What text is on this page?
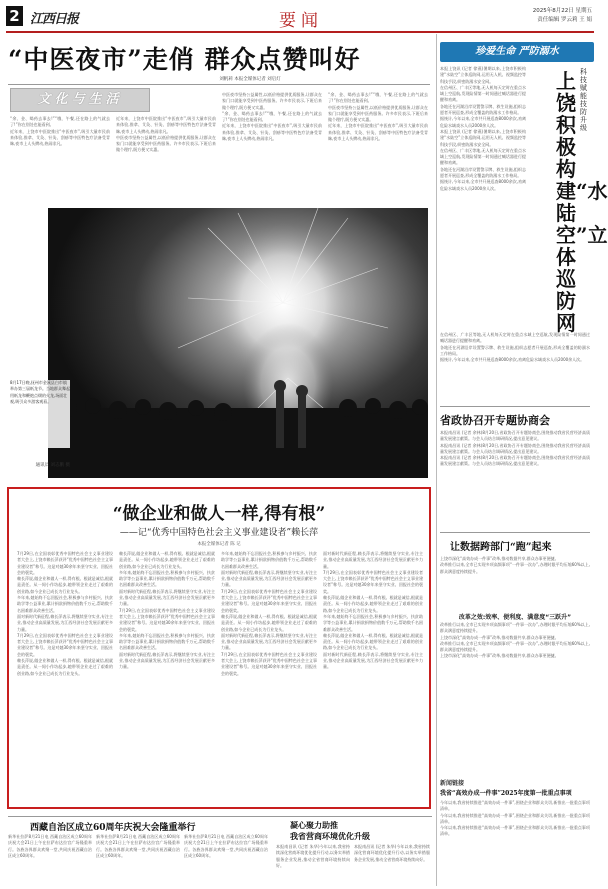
2 江西日报	要闻	2025年8月22日 星期五
责任编辑 罗云莉 王 娟
“中医夜市”走俏 群众点赞叫好
刘帆莉 本报全媒体记者 刘启灯
文化与生活

“余、金、喝药去事去!”“哦，午餐,还在路上的气就去了!”你在别处也能看到。

近年来，上饶市中医院推出“中医夜市”,吸引大量市民前来体验,推拿、艾灸、针灸、刮痧等中医特色疗法备受青睐,夜市上人头攒动,热闹非凡。

近年来，上饶市中医院推出“中医夜市”,吸引大量市民前来体验,推拿、艾灸、针灸、刮痧等中医特色疗法备受青睐,夜市上人头攒动,热闹非凡。

中医夜市坚持公益属性,以低价格提供优质服务,让群众在家门口就能享受到中医药服务。许多市民表示,下班后来做个理疗,既方便又实惠。

中医夜市坚持公益属性,以低价格提供优质服务,让群众在家门口就能享受到中医药服务。许多市民表示,下班后来做个理疗,既方便又实惠。

“余、金、喝药去事去!”“哦，午餐,还在路上的气就去了!”你在别处也能看到。

近年来，上饶市中医院推出“中医夜市”,吸引大量市民前来体验,推拿、艾灸、针灸、刮痧等中医特色疗法备受青睐,夜市上人头攒动,热闹非凡。

“余、金、喝药去事去!”“哦，午餐,还在路上的气就去了!”你在别处也能看到。

中医夜市坚持公益属性,以低价格提供优质服务,让群众在家门口就能享受到中医药服务。许多市民表示,下班后来做个理疗,既方便又实惠。

近年来，上饶市中医院推出“中医夜市”,吸引大量市民前来体验,推拿、艾灸、针灸、刮痧等中医特色疗法备受青睐,夜市上人头攒动,热闹非凡。

8月17日晚,抚州市金溪县白市镇举办第三届纸龙节。当地群众舞起用纸龙和鞭炮点缀的火龙,场面壮观,吸引众多游客观看。
通讯员 刘志鹏 摄
“做企业和做人一样,得有根”
——记“优秀中国特色社会主义事业建设者”赖长萍
本报全媒体记者 陈 记

7月29日,在全国表彰优秀中国特色社会主义事业建设者大会上,上饶市赖长萍获评“优秀中国特色社会主义事业建设者”称号。这是对她30余年来坚守实业、回报社会的褒奖。

赖长萍说,做企业和做人一样,得有根。根就是诚信,根就是责任。从一间小作坊起步,她带领企业走过了艰难的创业路,如今企业已成长为行业龙头。

多年来,她始终不忘回报社会,积极参与乡村振兴、扶贫助学等公益事业,累计捐款捐物价值数千万元,帮助数千名困难群众改善生活。

面对新时代新征程,赖长萍表示,将继续坚守实业,专注主业,推动企业高质量发展,为江西经济社会发展贡献更多力量。

7月29日,在全国表彰优秀中国特色社会主义事业建设者大会上,上饶市赖长萍获评“优秀中国特色社会主义事业建设者”称号。这是对她30余年来坚守实业、回报社会的褒奖。

赖长萍说,做企业和做人一样,得有根。根就是诚信,根就是责任。从一间小作坊起步,她带领企业走过了艰难的创业路,如今企业已成长为行业龙头。

赖长萍说,做企业和做人一样,得有根。根就是诚信,根就是责任。从一间小作坊起步,她带领企业走过了艰难的创业路,如今企业已成长为行业龙头。

多年来,她始终不忘回报社会,积极参与乡村振兴、扶贫助学等公益事业,累计捐款捐物价值数千万元,帮助数千名困难群众改善生活。

面对新时代新征程,赖长萍表示,将继续坚守实业,专注主业,推动企业高质量发展,为江西经济社会发展贡献更多力量。

7月29日,在全国表彰优秀中国特色社会主义事业建设者大会上,上饶市赖长萍获评“优秀中国特色社会主义事业建设者”称号。这是对她30余年来坚守实业、回报社会的褒奖。

多年来,她始终不忘回报社会,积极参与乡村振兴、扶贫助学等公益事业,累计捐款捐物价值数千万元,帮助数千名困难群众改善生活。

面对新时代新征程,赖长萍表示,将继续坚守实业,专注主业,推动企业高质量发展,为江西经济社会发展贡献更多力量。

多年来,她始终不忘回报社会,积极参与乡村振兴、扶贫助学等公益事业,累计捐款捐物价值数千万元,帮助数千名困难群众改善生活。

面对新时代新征程,赖长萍表示,将继续坚守实业,专注主业,推动企业高质量发展,为江西经济社会发展贡献更多力量。

7月29日,在全国表彰优秀中国特色社会主义事业建设者大会上,上饶市赖长萍获评“优秀中国特色社会主义事业建设者”称号。这是对她30余年来坚守实业、回报社会的褒奖。

赖长萍说,做企业和做人一样,得有根。根就是诚信,根就是责任。从一间小作坊起步,她带领企业走过了艰难的创业路,如今企业已成长为行业龙头。

面对新时代新征程,赖长萍表示,将继续坚守实业,专注主业,推动企业高质量发展,为江西经济社会发展贡献更多力量。

7月29日,在全国表彰优秀中国特色社会主义事业建设者大会上,上饶市赖长萍获评“优秀中国特色社会主义事业建设者”称号。这是对她30余年来坚守实业、回报社会的褒奖。

面对新时代新征程,赖长萍表示,将继续坚守实业,专注主业,推动企业高质量发展,为江西经济社会发展贡献更多力量。

7月29日,在全国表彰优秀中国特色社会主义事业建设者大会上,上饶市赖长萍获评“优秀中国特色社会主义事业建设者”称号。这是对她30余年来坚守实业、回报社会的褒奖。

赖长萍说,做企业和做人一样,得有根。根就是诚信,根就是责任。从一间小作坊起步,她带领企业走过了艰难的创业路,如今企业已成长为行业龙头。

多年来,她始终不忘回报社会,积极参与乡村振兴、扶贫助学等公益事业,累计捐款捐物价值数千万元,帮助数千名困难群众改善生活。

赖长萍说,做企业和做人一样,得有根。根就是诚信,根就是责任。从一间小作坊起步,她带领企业走过了艰难的创业路,如今企业已成长为行业龙头。

面对新时代新征程,赖长萍表示,将继续坚守实业,专注主业,推动企业高质量发展,为江西经济社会发展贡献更多力量。

西藏自治区成立60周年庆祝大会隆重举行

新华社拉萨8月21日电 西藏自治区成立60周年庆祝大会21日上午在拉萨布达拉宫广场隆重举行。各族各界群众欢聚一堂,共同庆祝西藏自治区成立60周年。

新华社拉萨8月21日电 西藏自治区成立60周年庆祝大会21日上午在拉萨布达拉宫广场隆重举行。各族各界群众欢聚一堂,共同庆祝西藏自治区成立60周年。

新华社拉萨8月21日电 西藏自治区成立60周年庆祝大会21日上午在拉萨布达拉宫广场隆重举行。各族各界群众欢聚一堂,共同庆祝西藏自治区成立60周年。

凝心聚力助推
我省营商环境优化升级

本报南昌讯 (记者 朱华)今年以来,我省持续深化营商环境优化提升行动,以务实举措服务企业发展,推动全省营商环境持续向好。

本报南昌讯 (记者 朱华)今年以来,我省持续深化营商环境优化提升行动,以务实举措服务企业发展,推动全省营商环境持续向好。

珍爱生命 严防溺水

本报上饶讯 (记者 徐燕)暑期以来,上饶市积极构建“水陆空”立体巡防网,运用无人机、视频监控等科技手段,织密防溺水安全网。

在信州区、广丰区等地,无人机每天定时在重点水域上空巡航,发现险情第一时间通过喊话器进行提醒和劝离。

各地还在河湖沿岸设置警示牌、救生设施,组织志愿者开展巡查,形成全覆盖的防溺水工作格局。

据统计,今年以来,全市共开展巡查8000余次,劝离危险水域戏水人员2000余人次。

本报上饶讯 (记者 徐燕)暑期以来,上饶市积极构建“水陆空”立体巡防网,运用无人机、视频监控等科技手段,织密防溺水安全网。

在信州区、广丰区等地,无人机每天定时在重点水域上空巡航,发现险情第一时间通过喊话器进行提醒和劝离。

各地还在河湖沿岸设置警示牌、救生设施,组织志愿者开展巡查,形成全覆盖的防溺水工作格局。

据统计,今年以来,全市共开展巡查8000余次,劝离危险水域戏水人员2000余人次。

科技赋能 技防升级
上饶积极构建“水陆空”立体巡防网

在信州区、广丰区等地,无人机每天定时在重点水域上空巡航,发现险情第一时间通过喊话器进行提醒和劝离。

各地还在河湖沿岸设置警示牌、救生设施,组织志愿者开展巡查,形成全覆盖的防溺水工作格局。

据统计,今年以来,全市共开展巡查8000余次,劝离危险水域戏水人员2000余人次。

省政协召开专题协商会

本报南昌讯 (记者 余林)8月20日,省政协召开专题协商会,围绕推动我省民营经济高质量发展建言献策。与会人员结合调研情况,提出意见建议。

本报南昌讯 (记者 余林)8月20日,省政协召开专题协商会,围绕推动我省民营经济高质量发展建言献策。与会人员结合调研情况,提出意见建议。

本报南昌讯 (记者 余林)8月20日,省政协召开专题协商会,围绕推动我省民营经济高质量发展建言献策。与会人员结合调研情况,提出意见建议。

让数据跨部门“跑”起来

上饶市深化“高效办成一件事”改革,推动数据共享,群众办事更便捷。

改革推行以来,全市已实现多项高频事项“一件事一次办”,办理时限平均压缩60%以上,群众满意度持续提升。

改革之效:效率、便利度、满意度“三跃升”

改革推行以来,全市已实现多项高频事项“一件事一次办”,办理时限平均压缩60%以上,群众满意度持续提升。

上饶市深化“高效办成一件事”改革,推动数据共享,群众办事更便捷。

改革推行以来,全市已实现多项高频事项“一件事一次办”,办理时限平均压缩60%以上,群众满意度持续提升。

上饶市深化“高效办成一件事”改革,推动数据共享,群众办事更便捷。

新闻链接
我省“高效办成一件事”2025年度第一批重点事项

今年以来,我省持续推进“高效办成一件事”,围绕企业和群众关切,新推出一批重点事项清单。

今年以来,我省持续推进“高效办成一件事”,围绕企业和群众关切,新推出一批重点事项清单。

今年以来,我省持续推进“高效办成一件事”,围绕企业和群众关切,新推出一批重点事项清单。
